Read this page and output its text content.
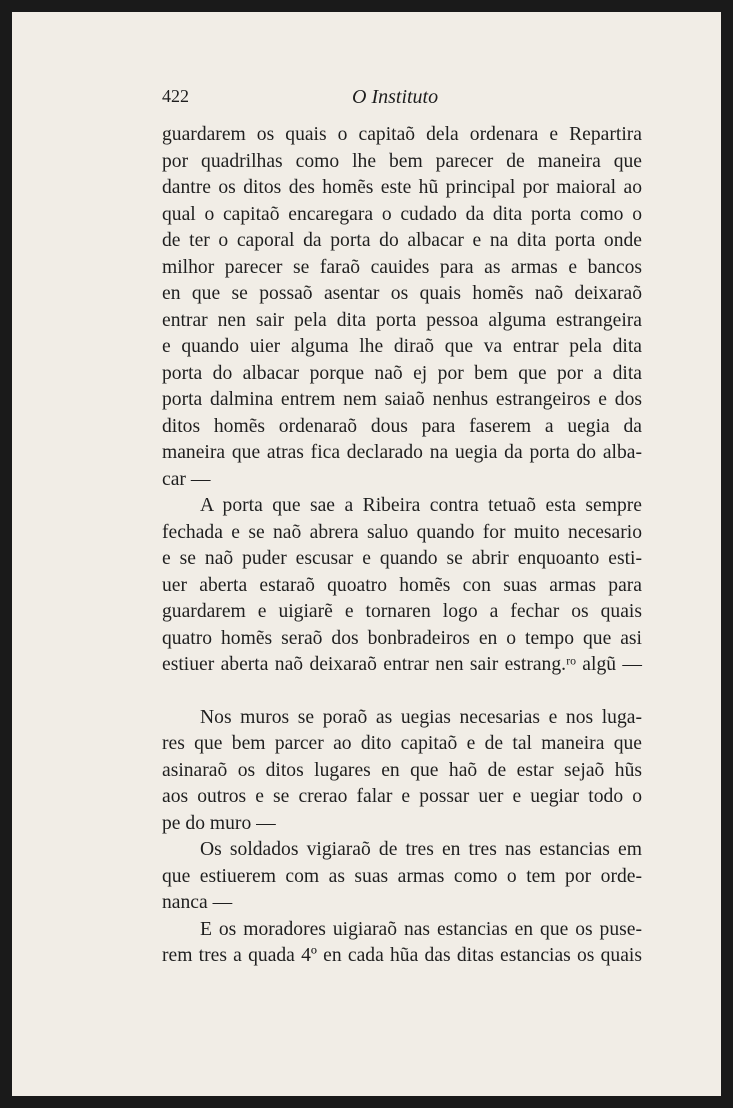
422	O Instituto

guardarem os quais o capitaõ dela ordenara e Repartira
por quadrilhas como lhe bem parecer de maneira que
dantre os ditos des homẽs este hũ principal por maioral ao
qual o capitaõ encaregara o cudado da dita porta como o
de ter o caporal da porta do albacar e na dita porta onde
milhor parecer se faraõ cauides para as armas e bancos
en que se possaõ asentar os quais homẽs naõ deixaraõ
entrar nen sair pela dita porta pessoa alguma estrangeira
e quando uier alguma lhe diraõ que va entrar pela dita
porta do albacar porque naõ ej por bem que por a dita
porta dalmina entrem nem saiaõ nenhus estrangeiros e dos
ditos homẽs ordenaraõ dous para faserem a uegia da
maneira que atras fica declarado na uegia da porta do alba-
car —

A porta que sae a Ribeira contra tetuaõ esta sempre
fechada e se naõ abrera saluo quando for muito necesario
e se naõ puder escusar e quando se abrir enquoanto esti-
uer aberta estaraõ quoatro homẽs con suas armas para
guardarem e uigiarẽ e tornaren logo a fechar os quais
quatro homẽs seraõ dos bonbradeiros en o tempo que asi
estiuer aberta naõ deixaraõ entrar nen sair estrang.ʳᵒ algũ —

Nos muros se poraõ as uegias necesarias e nos luga-
res que bem parcer ao dito capitaõ e de tal maneira que
asinaraõ os ditos lugares en que haõ de estar sejaõ hũs
aos outros e se crerao falar e possar uer e uegiar todo o
pe do muro —

Os soldados vigiaraõ de tres en tres nas estancias em
que estiuerem com as suas armas como o tem por orde-
nanca —

E os moradores uigiaraõ nas estancias en que os puse-
rem tres a quada 4º en cada hũa das ditas estancias os quais
